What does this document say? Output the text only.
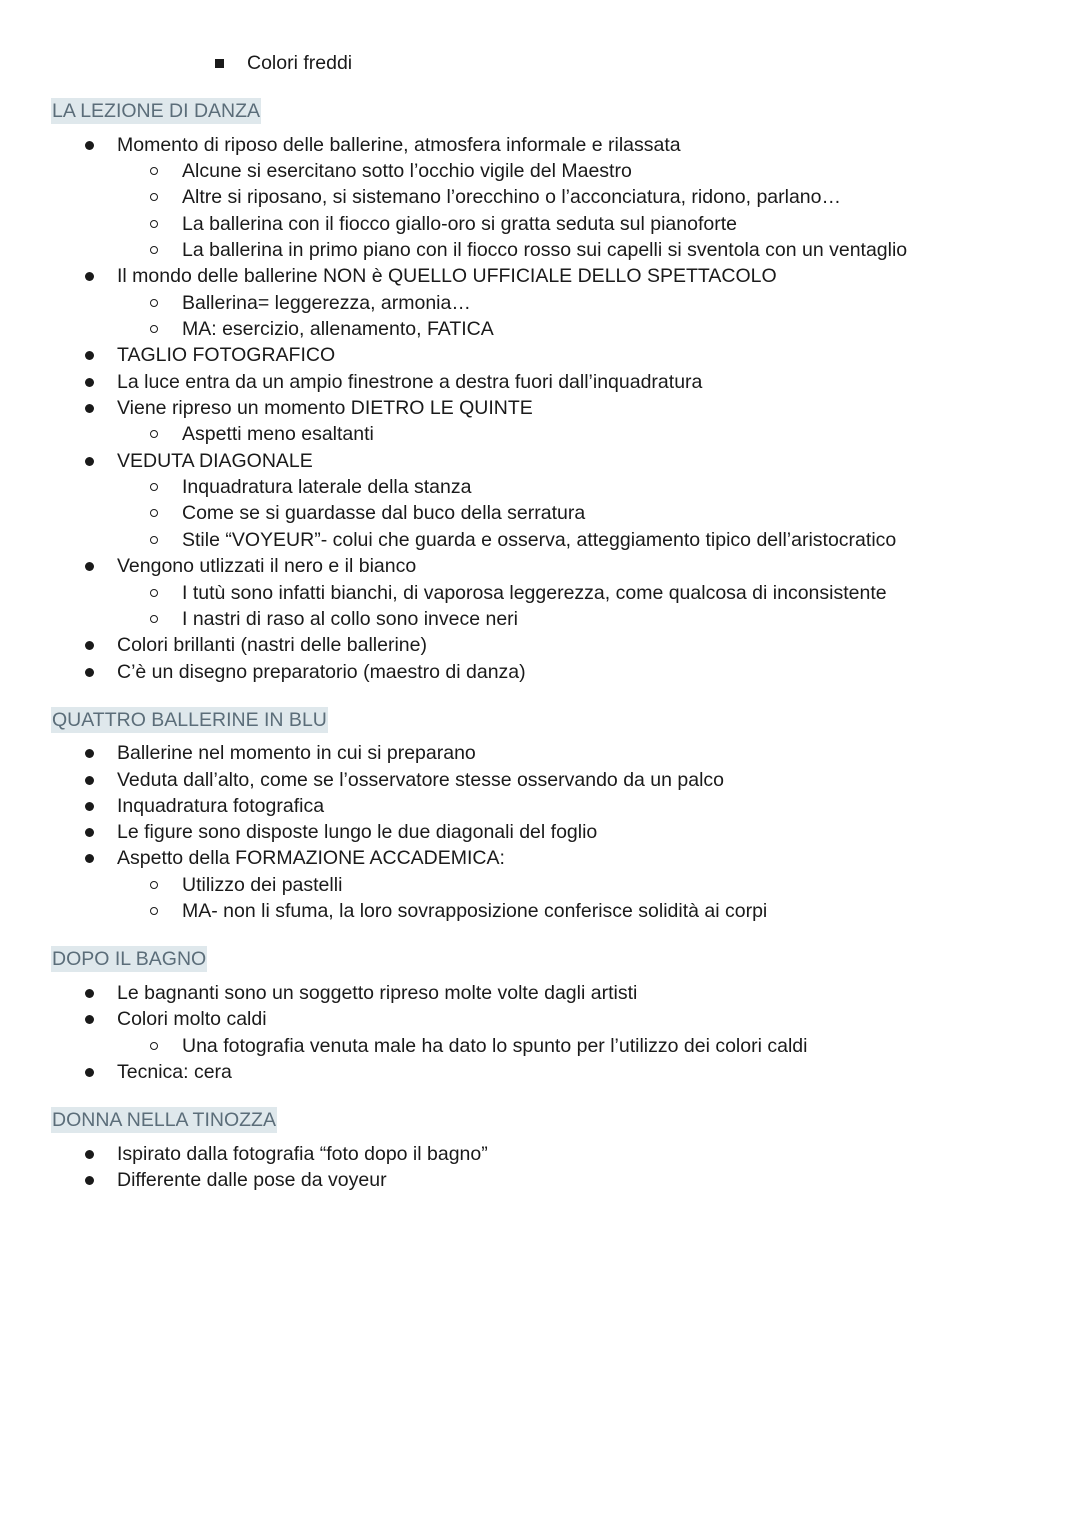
Colori freddi
LA LEZIONE DI DANZA
Momento di riposo delle ballerine, atmosfera informale e rilassata
Alcune si esercitano sotto l’occhio vigile del Maestro
Altre si riposano, si sistemano l’orecchino o l’acconciatura, ridono, parlano…
La ballerina con il fiocco giallo-oro si gratta seduta sul pianoforte
La ballerina in primo piano con il fiocco rosso sui capelli si sventola con un ventaglio
Il mondo delle ballerine NON è QUELLO UFFICIALE DELLO SPETTACOLO
Ballerina= leggerezza, armonia…
MA: esercizio, allenamento, FATICA
TAGLIO FOTOGRAFICO
La luce entra da un ampio finestrone a destra fuori dall’inquadratura
Viene ripreso un momento DIETRO LE QUINTE
Aspetti meno esaltanti
VEDUTA DIAGONALE
Inquadratura laterale della stanza
Come se si guardasse dal buco della serratura
Stile “VOYEUR”- colui che guarda e osserva, atteggiamento tipico dell’aristocratico
Vengono utlizzati il nero e il bianco
I tutù sono infatti bianchi, di vaporosa leggerezza, come qualcosa di inconsistente
I nastri di raso al collo sono invece neri
Colori brillanti (nastri delle ballerine)
C’è un disegno preparatorio (maestro di danza)
QUATTRO BALLERINE IN BLU
Ballerine nel momento in cui si preparano
Veduta dall’alto, come se l’osservatore stesse osservando da un palco
Inquadratura fotografica
Le figure sono disposte lungo le due diagonali del foglio
Aspetto della FORMAZIONE ACCADEMICA:
Utilizzo dei pastelli
MA- non li sfuma, la loro sovrapposizione conferisce solidità ai corpi
DOPO IL BAGNO
Le bagnanti sono un soggetto ripreso molte volte dagli artisti
Colori molto caldi
Una fotografia venuta male ha dato lo spunto per l’utilizzo dei colori caldi
Tecnica: cera
DONNA NELLA TINOZZA
Ispirato dalla fotografia “foto dopo il bagno”
Differente dalle pose da voyeur
